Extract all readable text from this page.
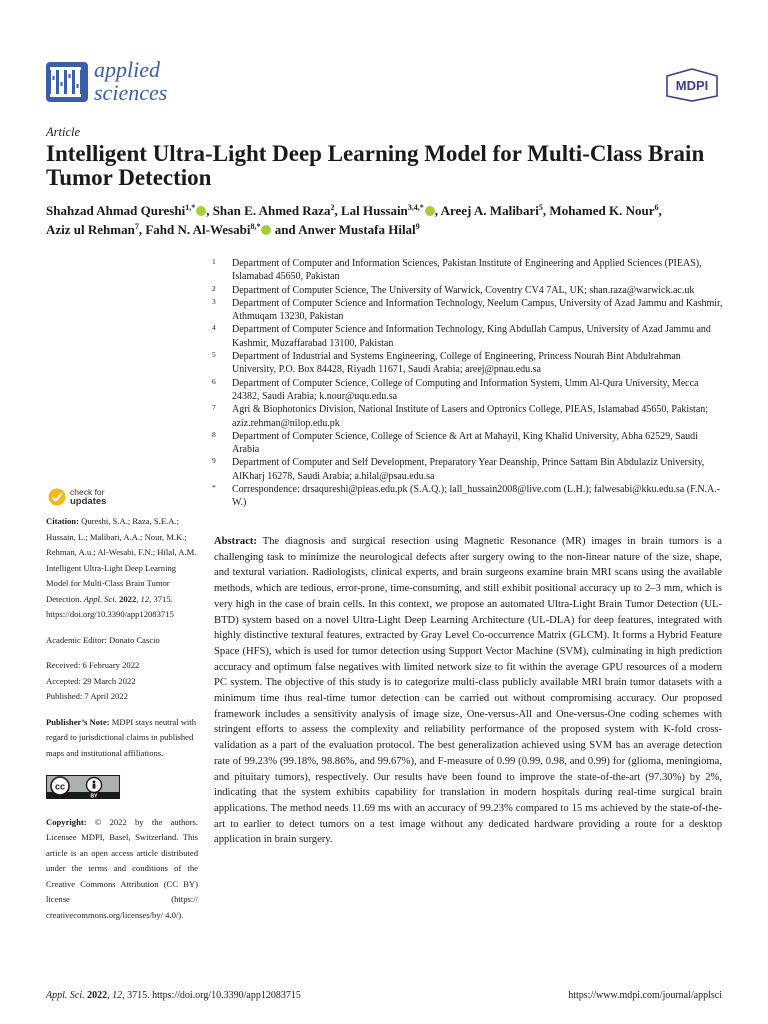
applied
sciences	MDPI
Article
Intelligent Ultra-Light Deep Learning Model for Multi-Class Brain Tumor Detection
Shahzad Ahmad Qureshi$^{1,*}$ , Shan E. Ahmed Raza$^2$, Lal Hussain$^{3,4,*}$ , Areej A. Malibari$^5$, Mohamed K. Nour$^6$, Aziz ul Rehman$^7$, Fahd N. Al-Wesabi$^{8,*}$ and Anwer Mustafa Hilal$^9$
1 Department of Computer and Information Sciences, Pakistan Institute of Engineering and Applied Sciences (PIEAS), Islamabad 45650, Pakistan
2 Department of Computer Science, The University of Warwick, Coventry CV4 7AL, UK; shan.raza@warwick.ac.uk
3 Department of Computer Science and Information Technology, Neelum Campus, University of Azad Jammu and Kashmir, Athmuqam 13230, Pakistan
4 Department of Computer Science and Information Technology, King Abdullah Campus, University of Azad Jammu and Kashmir, Muzaffarabad 13100, Pakistan
5 Department of Industrial and Systems Engineering, College of Engineering, Princess Nourah Bint Abdulrahman University, P.O. Box 84428, Riyadh 11671, Saudi Arabia; areej@pnau.edu.sa
6 Department of Computer Science, College of Computing and Information System, Umm Al-Qura University, Mecca 24382, Saudi Arabia; k.nour@uqu.edu.sa
7 Agri & Biophotonics Division, National Institute of Lasers and Optronics College, PIEAS, Islamabad 45650, Pakistan; aziz.rehman@nilop.edu.pk
8 Department of Computer Science, College of Science & Art at Mahayil, King Khalid University, Abha 62529, Saudi Arabia
9 Department of Computer and Self Development, Preparatory Year Deanship, Prince Sattam Bin Abdulaziz University, AlKharj 16278, Saudi Arabia; a.hilal@psau.edu.sa
* Correspondence: drsaqureshi@pieas.edu.pk (S.A.Q.); lall_hussain2008@live.com (L.H.); falwesabi@kku.edu.sa (F.N.A.-W.)
check for
updates
Citation: Qureshi, S.A.; Raza, S.E.A.; Hussain, L.; Malibari, A.A.; Nour, M.K.; Rehman, A.u.; Al-Wesabi, F.N.; Hilal, A.M. Intelligent Ultra-Light Deep Learning Model for Multi-Class Brain Tumor Detection. Appl. Sci. 2022, 12, 3715. https://doi.org/10.3390/app12083715
Academic Editor: Donato Cascio
Received: 6 February 2022
Accepted: 29 March 2022
Published: 7 April 2022
Publisher’s Note: MDPI stays neutral with regard to jurisdictional claims in published maps and institutional affiliations.
cc
BY
Copyright: © 2022 by the authors. Licensee MDPI, Basel, Switzerland. This article is an open access article distributed under the terms and conditions of the Creative Commons Attribution (CC BY) license (https:// creativecommons.org/licenses/by/ 4.0/).
Abstract: The diagnosis and surgical resection using Magnetic Resonance (MR) images in brain tumors is a challenging task to minimize the neurological defects after surgery owing to the non-linear nature of the size, shape, and textural variation. Radiologists, clinical experts, and brain surgeons examine brain MRI scans using the available methods, which are tedious, error-prone, time-consuming, and still exhibit positional accuracy up to 2–3 mm, which is very high in the case of brain cells. In this context, we propose an automated Ultra-Light Brain Tumor Detection (UL-BTD) system based on a novel Ultra-Light Deep Learning Architecture (UL-DLA) for deep features, integrated with highly distinctive textural features, extracted by Gray Level Co-occurrence Matrix (GLCM). It forms a Hybrid Feature Space (HFS), which is used for tumor detection using Support Vector Machine (SVM), culminating in high prediction accuracy and optimum false negatives with limited network size to fit within the average GPU resources of a modern PC system. The objective of this study is to categorize multi-class publicly available MRI brain tumor datasets with a minimum time thus real-time tumor detection can be carried out without compromising accuracy. Our proposed framework includes a sensitivity analysis of image size, One-versus-All and One-versus-One coding schemes with stringent efforts to assess the complexity and reliability performance of the proposed system with K-fold cross-validation as a part of the evaluation protocol. The best generalization achieved using SVM has an average detection rate of 99.23% (99.18%, 98.86%, and 99.67%), and F-measure of 0.99 (0.99, 0.98, and 0.99) for (glioma, meningioma, and pituitary tumors), respectively. Our results have been found to improve the state-of-the-art (97.30%) by 2%, indicating that the system exhibits capability for translation in modern hospitals during real-time surgical brain applications. The method needs 11.69 ms with an accuracy of 99.23% compared to 15 ms achieved by the state-of-the-art to earlier to detect tumors on a test image without any dedicated hardware providing a route for a desktop application in brain surgery.
Appl. Sci. 2022, 12, 3715. https://doi.org/10.3390/app12083715	https://www.mdpi.com/journal/applsci
